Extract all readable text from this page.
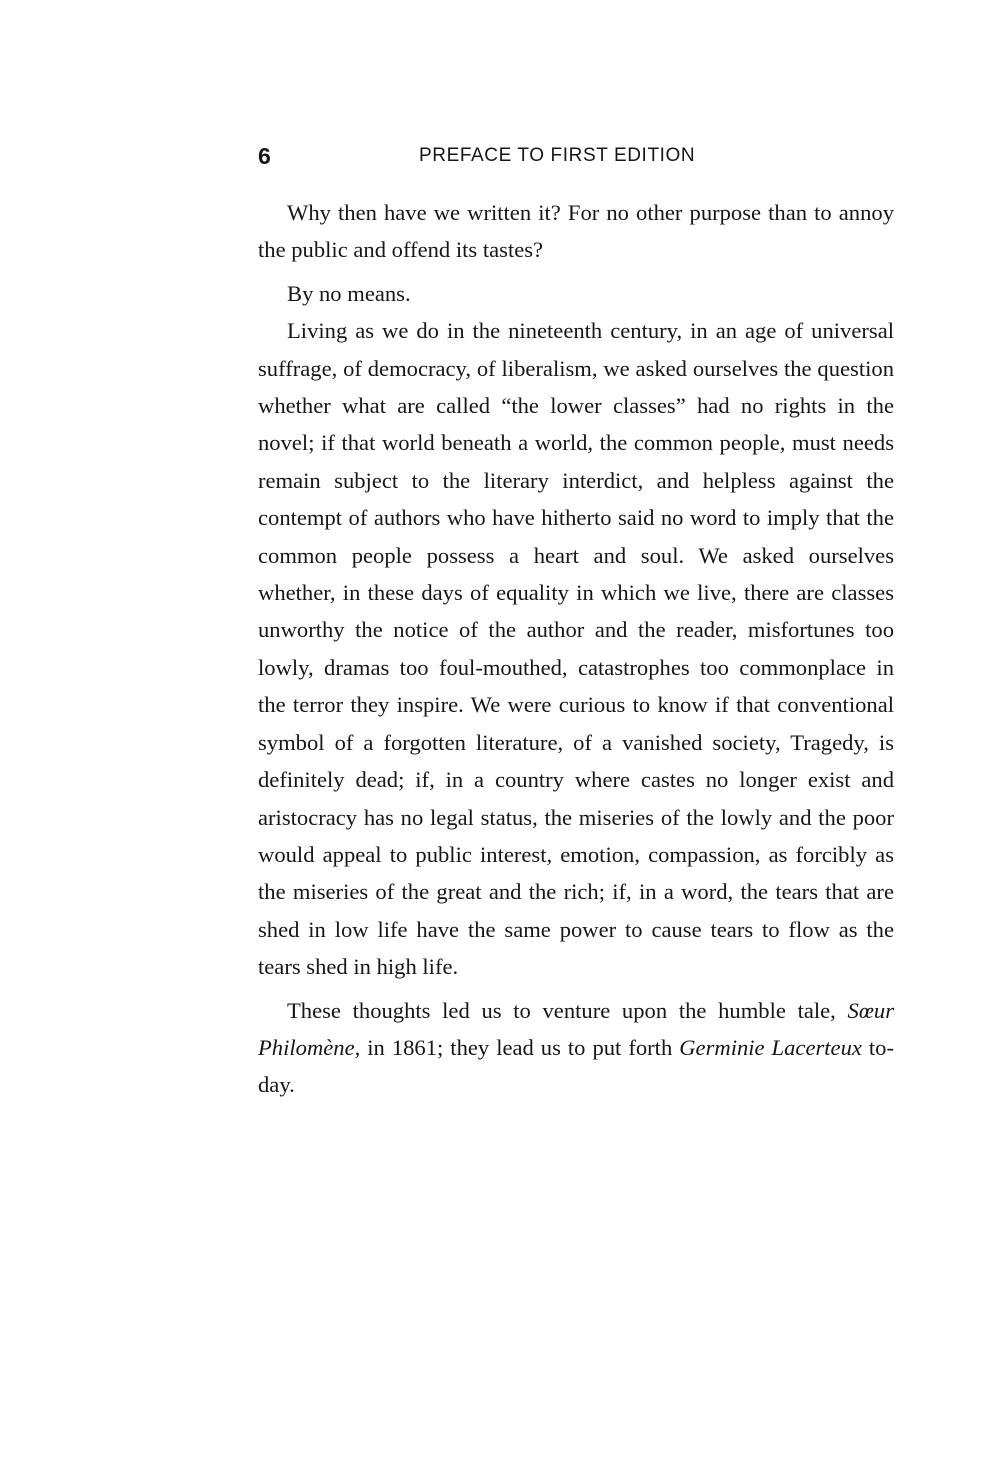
6	PREFACE TO FIRST EDITION

Why then have we written it? For no other purpose than to annoy the public and offend its tastes?

By no means.

Living as we do in the nineteenth century, in an age of universal suffrage, of democracy, of liberalism, we asked ourselves the question whether what are called “the lower classes” had no rights in the novel; if that world beneath a world, the common people, must needs remain subject to the literary interdict, and helpless against the contempt of authors who have hitherto said no word to imply that the common people possess a heart and soul. We asked ourselves whether, in these days of equality in which we live, there are classes unworthy the notice of the author and the reader, misfortunes too lowly, dramas too foul-mouthed, catastrophes too commonplace in the terror they inspire. We were curious to know if that conventional symbol of a forgotten literature, of a vanished society, Tragedy, is definitely dead; if, in a country where castes no longer exist and aristocracy has no legal status, the miseries of the lowly and the poor would appeal to public interest, emotion, compassion, as forcibly as the miseries of the great and the rich; if, in a word, the tears that are shed in low life have the same power to cause tears to flow as the tears shed in high life.

These thoughts led us to venture upon the humble tale, Sœur Philomène, in 1861; they lead us to put forth Germinie Lacerteux to-day.
